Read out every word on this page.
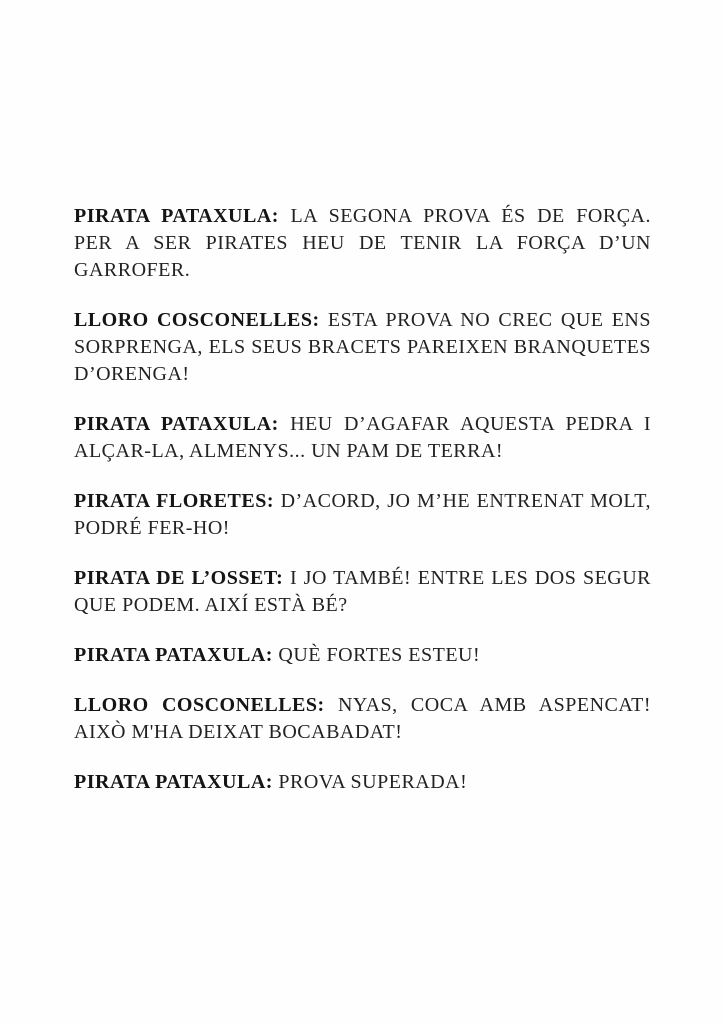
PIRATA PATAXULA: LA SEGONA PROVA ÉS DE FORÇA. PER A SER PIRATES HEU DE TENIR LA FORÇA D’UN GARROFER.

LLORO COSCONELLES: ESTA PROVA NO CREC QUE ENS SORPRENGA, ELS SEUS BRACETS PAREIXEN BRANQUETES D’ORENGA!

PIRATA PATAXULA: HEU D’AGAFAR AQUESTA PEDRA I ALÇAR-LA, ALMENYS... UN PAM DE TERRA!

PIRATA FLORETES: D’ACORD, JO M’HE ENTRENAT MOLT, PODRÉ FER-HO!

PIRATA DE L’OSSET: I JO TAMBÉ! ENTRE LES DOS SEGUR QUE PODEM. AIXÍ ESTÀ BÉ?

PIRATA PATAXULA: QUÈ FORTES ESTEU!

LLORO COSCONELLES: NYAS, COCA AMB ASPENCAT! AIXÒ M'HA DEIXAT BOCABADAT!

PIRATA PATAXULA: PROVA SUPERADA!
